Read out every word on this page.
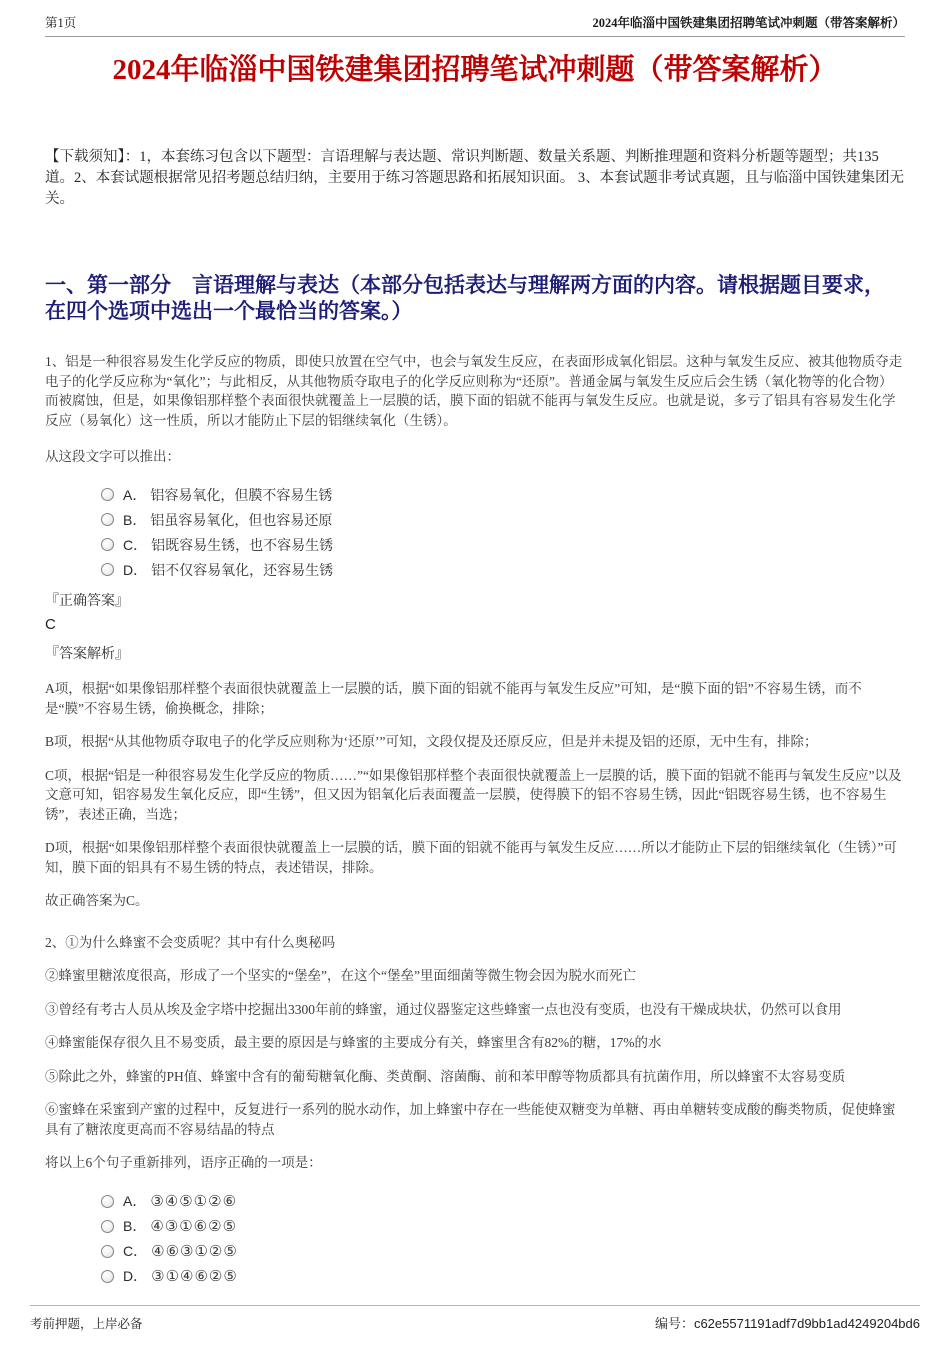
第1页	2024年临淄中国铁建集团招聘笔试冲刺题（带答案解析）
2024年临淄中国铁建集团招聘笔试冲刺题（带答案解析）

【下载须知】：1，本套练习包含以下题型：言语理解与表达题、常识判断题、数量关系题、判断推理题和资料分析题等题型；共135道。2、本套试题根据常见招考题总结归纳，主要用于练习答题思路和拓展知识面。 3、本套试题非考试真题，且与临淄中国铁建集团无关。

一、第一部分　言语理解与表达（本部分包括表达与理解两方面的内容。请根据题目要求，在四个选项中选出一个最恰当的答案。）

1、铝是一种很容易发生化学反应的物质，即使只放置在空气中，也会与氧发生反应，在表面形成氧化铝层。这种与氧发生反应、被其他物质夺走电子的化学反应称为“氧化”；与此相反，从其他物质夺取电子的化学反应则称为“还原”。普通金属与氧发生反应后会生锈（氧化物等的化合物）而被腐蚀，但是，如果像铝那样整个表面很快就覆盖上一层膜的话，膜下面的铝就不能再与氧发生反应。也就是说，多亏了铝具有容易发生化学反应（易氧化）这一性质，所以才能防止下层的铝继续氧化（生锈）。

从这段文字可以推出：

A． 铝容易氧化，但膜不容易生锈
B． 铝虽容易氧化，但也容易还原
C． 铝既容易生锈，也不容易生锈
D． 铝不仅容易氧化，还容易生锈

『正确答案』

C

『答案解析』

A项，根据“如果像铝那样整个表面很快就覆盖上一层膜的话，膜下面的铝就不能再与氧发生反应”可知，是“膜下面的铝”不容易生锈，而不是“膜”不容易生锈，偷换概念，排除；

B项，根据“从其他物质夺取电子的化学反应则称为‘还原’”可知，文段仅提及还原反应，但是并未提及铝的还原，无中生有，排除；

C项，根据“铝是一种很容易发生化学反应的物质……”“如果像铝那样整个表面很快就覆盖上一层膜的话，膜下面的铝就不能再与氧发生反应”以及文意可知，铝容易发生氧化反应，即“生锈”，但又因为铝氧化后表面覆盖一层膜，使得膜下的铝不容易生锈，因此“铝既容易生锈，也不容易生锈”，表述正确，当选；

D项，根据“如果像铝那样整个表面很快就覆盖上一层膜的话，膜下面的铝就不能再与氧发生反应……所以才能防止下层的铝继续氧化（生锈）”可知，膜下面的铝具有不易生锈的特点，表述错误，排除。

故正确答案为C。

2、①为什么蜂蜜不会变质呢？其中有什么奥秘吗

②蜂蜜里糖浓度很高，形成了一个坚实的“堡垒”，在这个“堡垒”里面细菌等微生物会因为脱水而死亡

③曾经有考古人员从埃及金字塔中挖掘出3300年前的蜂蜜，通过仪器鉴定这些蜂蜜一点也没有变质，也没有干燥成块状，仍然可以食用

④蜂蜜能保存很久且不易变质，最主要的原因是与蜂蜜的主要成分有关，蜂蜜里含有82%的糖，17%的水

⑤除此之外，蜂蜜的PH值、蜂蜜中含有的葡萄糖氧化酶、类黄酮、溶菌酶、前和苯甲醇等物质都具有抗菌作用，所以蜂蜜不太容易变质

⑥蜜蜂在采蜜到产蜜的过程中，反复进行一系列的脱水动作，加上蜂蜜中存在一些能使双糖变为单糖、再由单糖转变成酸的酶类物质，促使蜂蜜具有了糖浓度更高而不容易结晶的特点

将以上6个句子重新排列，语序正确的一项是：

A． ③④⑤①②⑥
B． ④③①⑥②⑤
C． ④⑥③①②⑤
D． ③①④⑥②⑤
考前押题，上岸必备	编号：c62e5571191adf7d9bb1ad4249204bd6
